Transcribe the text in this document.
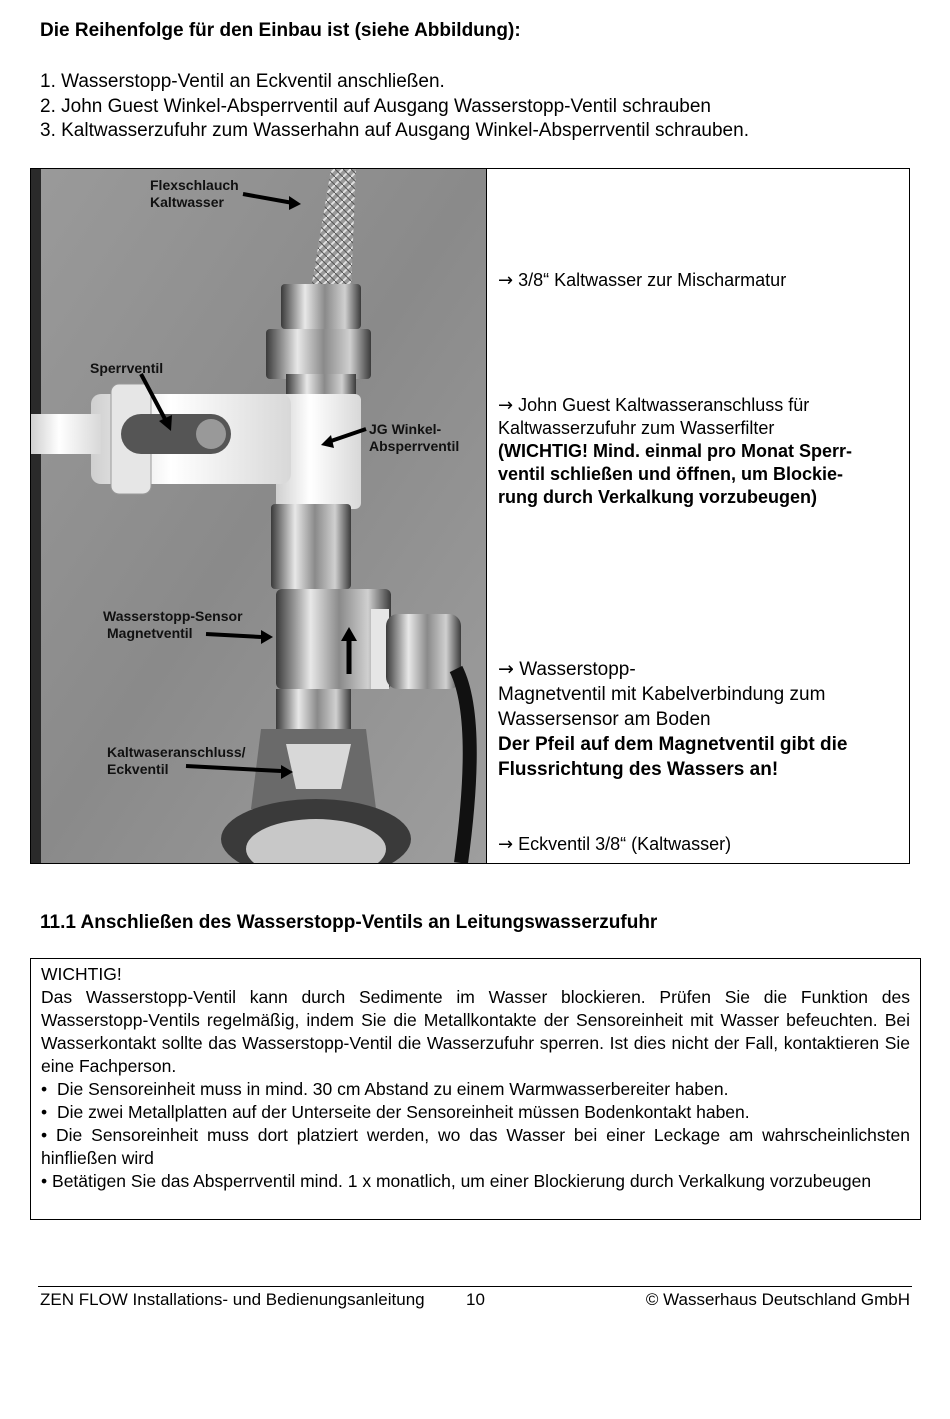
Die Reihenfolge für den Einbau ist (siehe Abbildung):
1. Wasserstopp-Ventil an Eckventil anschließen.
2. John Guest Winkel-Absperrventil auf Ausgang Wasserstopp-Ventil schrauben
3. Kaltwasserzufuhr zum Wasserhahn auf Ausgang Winkel-Absperrventil schrauben.
Flexschlauch
Kaltwasser
Sperrventil
JG Winkel-
Absperrventil
Wasserstopp-Sensor
Magnetventil
Kaltwaseranschluss/
Eckventil
→ 3/8“ Kaltwasser zur Mischarmatur
→ John Guest Kaltwasseranschluss für
Kaltwasserzufuhr zum Wasserfilter
(WICHTIG! Mind. einmal pro Monat Sperr-
ventil schließen und öffnen, um Blockie-
rung durch Verkalkung vorzubeugen)
→ Wasserstopp-
Magnetventil mit Kabelverbindung zum
Wassersensor am Boden
Der Pfeil auf dem Magnetventil gibt die
Flussrichtung des Wassers an!
→ Eckventil 3/8“ (Kaltwasser)
11.1 Anschließen des Wasserstopp-Ventils an Leitungswasserzufuhr

WICHTIG!

Das Wasserstopp-Ventil kann durch Sedimente im Wasser blockieren. Prüfen Sie die Funktion des Wasserstopp-Ventils regelmäßig, indem Sie die Metallkontakte der Sensoreinheit mit Wasser befeuchten. Bei Wasserkontakt sollte das Wasserstopp-Ventil die Wasserzufuhr sperren. Ist dies nicht der Fall, kontaktieren Sie eine Fachperson.

• Die Sensoreinheit muss in mind. 30 cm Abstand zu einem Warmwasserbereiter haben.
• Die zwei Metallplatten auf der Unterseite der Sensoreinheit müssen Bodenkontakt haben.
• Die Sensoreinheit muss dort platziert werden, wo das Wasser bei einer Leckage am wahrscheinlichsten hinfließen wird
• Betätigen Sie das Absperrventil mind. 1 x monatlich, um einer Blockierung durch Verkalkung vorzubeugen
ZEN FLOW Installations- und Bedienungsanleitung 10	© Wasserhaus Deutschland GmbH
